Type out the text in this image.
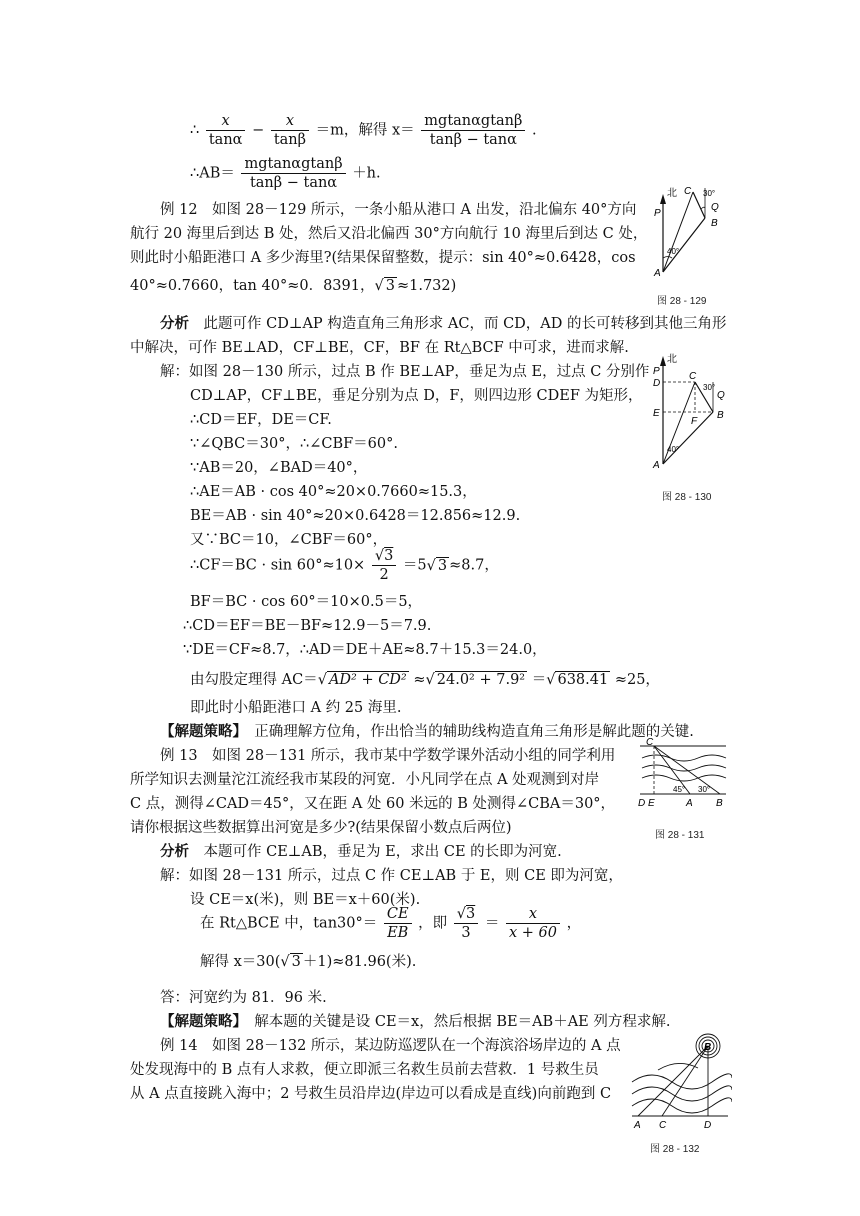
∴ $\frac{x}{\tan\alpha} - \frac{x}{\tan\beta} =m$，解得 $x= \frac{mgtan\alpha gtan\beta}{\tan\beta - \tan\alpha}$ .
∴AB＝ $\frac{mgtan\alpha gtan\beta}{\tan\beta - \tan\alpha} +h$.
例 12　如图 28－129 所示，一条小船从港口 A 出发，沿北偏东 40°方向
航行 20 海里后到达 B 处，然后又沿北偏西 30°方向航行 10 海里后到达 C 处，
则此时小船距港口 A 多少海里?(结果保留整数，提示：sin 40°≈0.6428，cos
40°≈0.7660，tan 40°≈0．8391，√ 3 ≈1.732)
分析　 此题可作 CD⊥AP 构造直角三角形求 AC，而 CD，AD 的长可转移到其他三角形
中解决，可作 BE⊥AD，CF⊥BE，CF，BF 在 Rt△BCF 中可求，进而求解.
解：如图 28－130 所示，过点 B 作 BE⊥AP，垂足为点 E，过点 C 分别作
CD⊥AP，CF⊥BE，垂足分别为点 D，F，则四边形 CDEF 为矩形，
∴CD＝EF，DE＝CF.
∵∠QBC＝30°，∴∠CBF＝60°.
∵AB＝20，∠BAD＝40°，
∴AE＝AB · cos 40°≈20×0.7660≈15.3，
BE＝AB · sin 40°≈20×0.6428＝12.856≈12.9.
又∵BC＝10，∠CBF＝60°，
∴CF＝BC · $\sin 60^\circ\approx 10\times \frac{√3}{2} =5√$ 3 ≈8.7，
BF＝BC · cos 60°＝10×0.5＝5，
∴CD＝EF＝BE－BF≈12.9－5＝7.9.
∵DE＝CF≈8.7，∴AD＝DE＋AE≈8.7＋15.3＝24.0，
由勾股定理得 AC＝√ AD² + CD² ≈√ 24.0² + 7.9² ＝√ 638.41 ≈25，
即此时小船距港口 A 约 25 海里.
【解题策略】　 正确理解方位角，作出恰当的辅助线构造直角三角形是解此题的关键.
例 13　如图 28－131 所示，我市某中学数学课外活动小组的同学利用
所学知识去测量沱江流经我市某段的河宽．小凡同学在点 A 处观测到对岸
C 点，测得∠CAD＝45°，又在距 A 处 60 米远的 B 处测得∠CBA＝30°，
请你根据这些数据算出河宽是多少?(结果保留小数点后两位)
分析　 本题可作 CE⊥AB，垂足为 E，求出 CE 的长即为河宽.
解：如图 28－131 所示，过点 C 作 CE⊥AB 于 E，则 CE 即为河宽，
设 CE＝x(米)，则 BE＝x＋60(米).
在 Rt△BCE 中，$\tan 30^\circ= \frac{CE}{EB}$ ，即 $\frac{√3}{3} = \frac{x}{x + 60}$ ，
解得 x＝30(√ 3 ＋1)≈81.96(米).
答：河宽约为 81．96 米.
【解题策略】　 解本题的关键是设 CE＝x，然后根据 BE＝AB＋AE 列方程求解.
例 14　如图 28－132 所示，某边防巡逻队在一个海滨浴场岸边的 A 点
处发现海中的 B 点有人求救，便立即派三名救生员前去营救．1 号救生员
从 A 点直接跳入海中；2 号救生员沿岸边(岸边可以看成是直线)向前跑到 C
北
P
C 30°
Q
B
40°
A
图 28 - 129
北
P
D
C
30°
Q
E	B
F
40°
A
图 28 - 130
C
45° 30°
D E	A B
图 28 - 131
B
A C	D
图 28 - 132
